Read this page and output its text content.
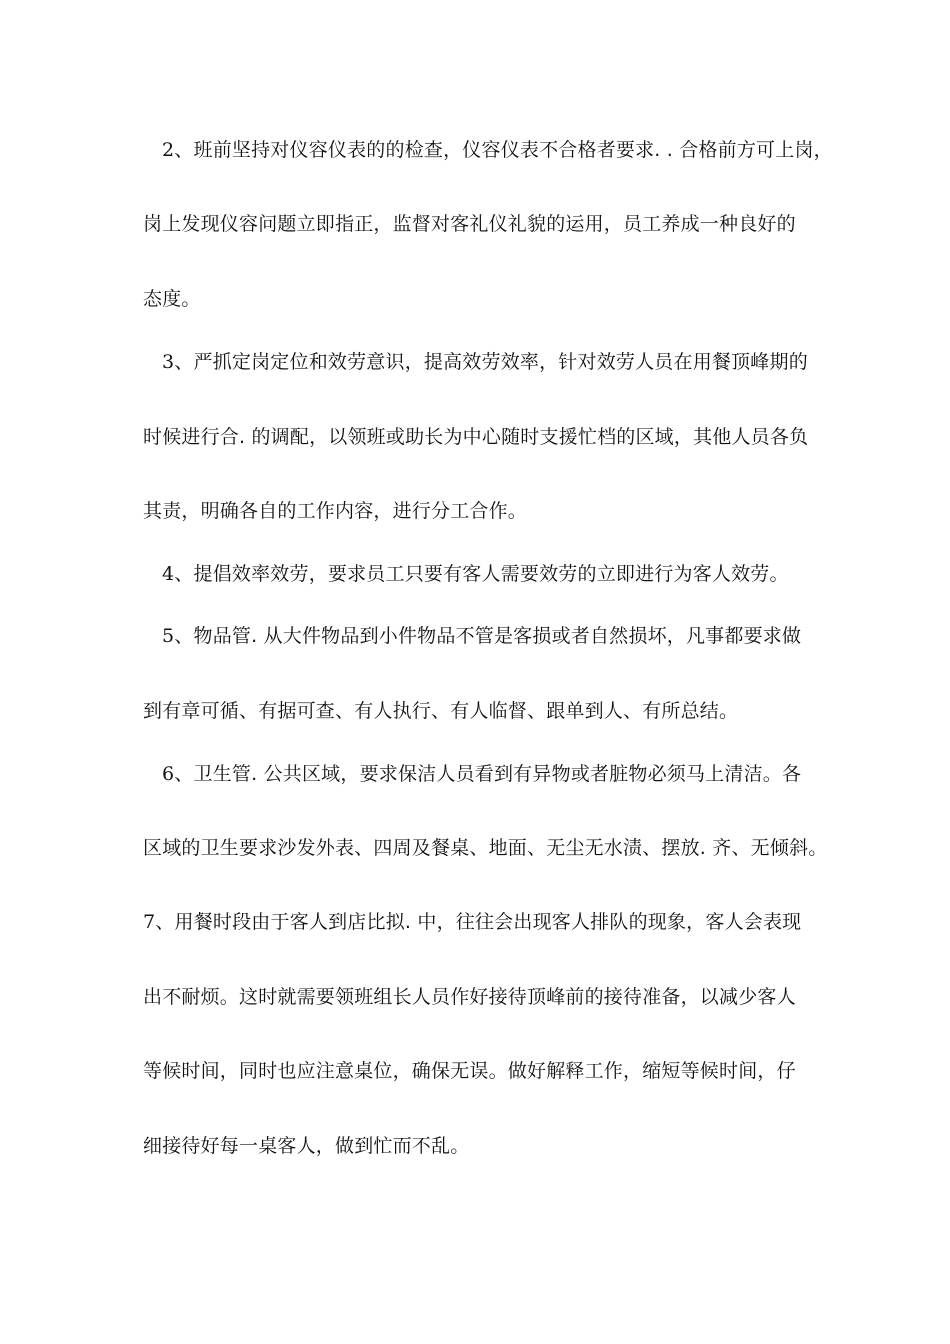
2、班前坚持对仪容仪表的的检查，仪容仪表不合格者要求. . 合格前方可上岗，
岗上发现仪容问题立即指正，监督对客礼仪礼貌的运用，员工养成一种良好的
态度。
3、严抓定岗定位和效劳意识，提高效劳效率，针对效劳人员在用餐顶峰期的
时候进行合. 的调配，以领班或助长为中心随时支援忙档的区域，其他人员各负
其责，明确各自的工作内容，进行分工合作。
4、提倡效率效劳，要求员工只要有客人需要效劳的立即进行为客人效劳。
5、物品管. 从大件物品到小件物品不管是客损或者自然损坏，凡事都要求做
到有章可循、有据可查、有人执行、有人临督、跟单到人、有所总结。
6、卫生管. 公共区域，要求保洁人员看到有异物或者脏物必须马上清洁。各
区域的卫生要求沙发外表、四周及餐桌、地面、无尘无水渍、摆放. 齐、无倾斜。
7、用餐时段由于客人到店比拟. 中，往往会出现客人排队的现象，客人会表现
出不耐烦。这时就需要领班组长人员作好接待顶峰前的接待准备，以减少客人
等候时间，同时也应注意桌位，确保无误。做好解释工作，缩短等候时间，仔
细接待好每一桌客人，做到忙而不乱。
